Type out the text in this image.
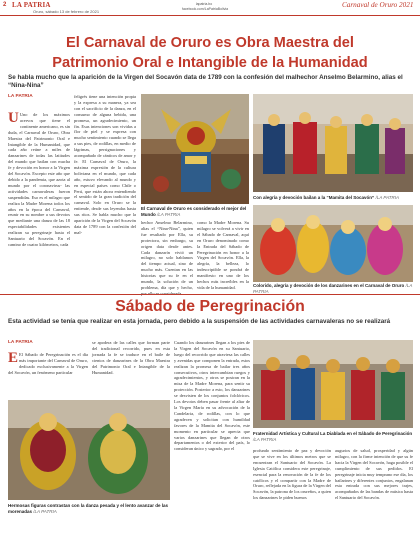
2 LA PATRIA
Oruro, sábado 13 de febrero de 2021
lapatria.bo
facebook.com/LaPatriaBolivia	Carnaval de Oruro 2021
El Carnaval de Oruro es Obra Maestra del
Patrimonio Oral e Intangible de la Humanidad
Se habla mucho que la aparición de la Virgen del Socavón data de 1789 con la confesión del malhechor Anselmo Belarmino, alias el “Nina-Nina”
LA PATRIA
U Uno de los máximos acervos que tiene el continente americano, es sin duda, el Carnaval de Oruro, Obra Maestra del Patrimonio Oral e Intangible de la Humanidad, que cada año reúne a miles de danzarines de todas las latitudes del mundo que bailan con mucha fe y devoción en honor a la Virgen del Socavón. Excepto este año que debido a la pandemia, que azota al mundo por el coronavirus- las actividades carnavaleras fueron suspendidas. Eso es el milagro que realiza la Madre Morena todos los años en la época del Carnaval, reunir en su nombre a sus devotos que mediante una danza de las 18 espectabilidades existentes realizan su peregrinaje hasta el Santuario del Socavón. En el camino de cuatro kilómetros, cada
feligrés tiene una intención propia y la expresa a su manera, ya sea con el sacrificio de la danza, en el consumo de alguna bebida, una promesa, un agradecimiento, un fin. Esas intenciones son vividas a flor de piel y se expresa con mucho sentimiento cuando se llega a sus pies, de rodillas, en medio de lágrimas, persignaciones y acompañado de cánticos de amor y fe. El Carnaval de Oruro, la máxima expresión de la cultura boliviana en el mundo, que cada año, estuvo elevando al mundo y en especial países como Chile o Perú, que están ahora entendiendo el sentido de la gran tradición del carnaval. Solo en Oruro se la entiende, desde sus leyendas hasta sus ritos. Se habla mucho que la aparición de la Virgen del Socavón data de 1789 con la confesión del mal-
El Carnaval de Oruro es considerado el mejor del Mundo /LA PATRIA
hechor Anselmo Belarmino, alias el “Nina-Nina”, quien fue resultado por Ella, su protectora, sin embargo, su origen data desde antes. Cada danzarín vivió un milagro, no solo hablamos del tiempo actual, sino de mucho más. Cuentan en las historias que su fe en el mundo, la solución de un problema, día que y hecho,
como la Madre Morena. Su milagro se volverá a vivir en el Sábado de Carnaval, aquí en Oruro denominado como la Entrada del Sábado de Peregrinación en honor a la Virgen del Socavón. Ella, la alegría, la belleza, lo indescriptible se pondrá de manifiesto en uno de los hechos más increíbles en la vida de la humanidad.
Con alegría y devoción bailan a la “Mamita del Socavón” /LA PATRIA
Colorido, alegría y devoción de los danzarines en el Carnaval de Oruro /LA PATRIA
Sábado de Peregrinación
Esta actividad se tenía que realizar en esta jornada, pero debido a la suspensión de las actividades carnavaleras no se realizará
LA PATRIA
E El Sábado de Peregrinación es el día más importante del Carnaval de Oruro, dedicado exclusivamente a la Virgen del Socavón, un fenómeno particular
se apodera de las calles que forman parte del tradicional recorrido, pues en esta jornada la fe se traduce en el baile de cientos de danzarines de la Obra Maestra del Patrimonio Oral e Intangible de la Humanidad.
Hermosas figuras contrastan con la danza pesada y el lento avanzar de las morenadas /LA PATRIA
Cuando los danzarines llegan a los pies de la Virgen del Socavón en su Santuario, luego del recorrido que atraviesa las calles y avenidas que componen la entrada, estos realizan la promesa de bailar tres años consecutivos, otros intercambian ruegos y agradecimientos, y otros se postran en la misa de la Madre Morena, para sentir su protección. Posterior a esto, los danzarines se desvisten de los conjuntos folclóricos. Los devotos deben pasar frente al altar de la Virgen María en su advocación de la Candelaria, de rodillas, con lo que agradecen y solicitan con humildad favores de la Mamita del Socavón, este momento en particular se aprecia que varios danzarines que llegan de otros departamentos o del exterior del país, lo consideran único y sagrado, por el
Fraternidad Artística y Cultural La Diablada en el Sábado de Peregrinación /LA PATRIA
profundo sentimiento de paz y devoción que se vive en los últimos metros que se encuentran el Santuario del Socavón. La Iglesia Católica considera este peregrinaje, esencial para la renovación de la fe de los católicos y el compartir con la Madre de Oruro, reflejada en la figura de la Virgen del Socavón, la patrona de los orureños, a quien los danzarines le piden buenos
augurios de salud, prosperidad y algún milagro, con la firme intención de que su fe hacia la Virgen del Socavón, haga posible el cumplimiento de sus pedidos. El peregrinaje inicia muy temprano ese día, los bailarines y diferentes conjuntos, engalanan esta entrada con sus mejores trajes, acompañados de las bandas de música hasta el Santuario del Socavón.
